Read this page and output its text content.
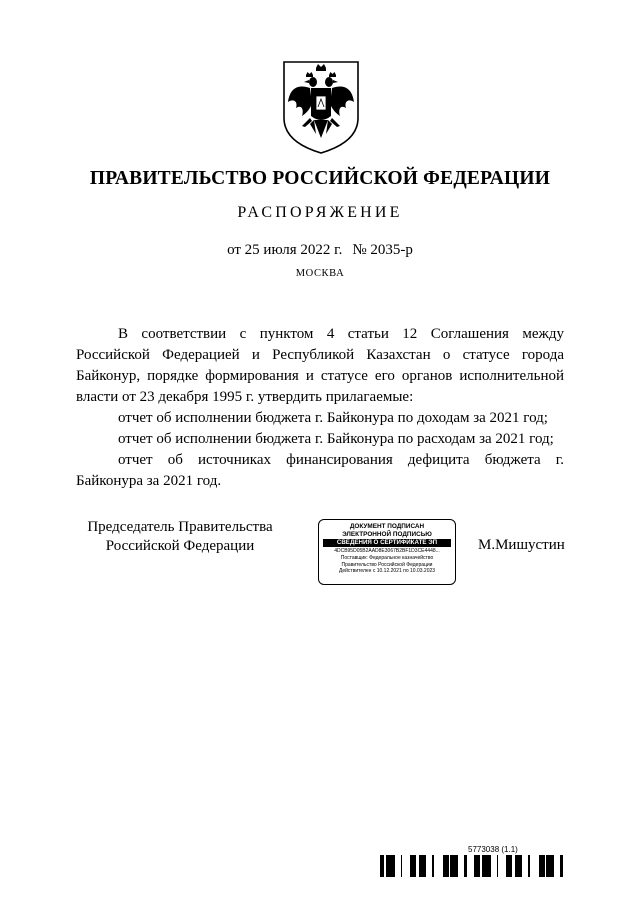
ПРАВИТЕЛЬСТВО РОССИЙСКОЙ ФЕДЕРАЦИИ
РАСПОРЯЖЕНИЕ
от 25 июля 2022 г. № 2035-р
МОСКВА
В соответствии с пунктом 4 статьи 12 Соглашения между Российской Федерацией и Республикой Казахстан о статусе города Байконур, порядке формирования и статусе его органов исполнительной власти от 23 декабря 1995 г. утвердить прилагаемые:
отчет об исполнении бюджета г. Байконура по доходам за 2021 год;
отчет об исполнении бюджета г. Байконура по расходам за 2021 год;
отчет об источниках финансирования дефицита бюджета г. Байконура за 2021 год.
Председатель Правительства
Российской Федерации
ДОКУМЕНТ ПОДПИСАН
ЭЛЕКТРОННОЙ ПОДПИСЬЮ
СВЕДЕНИЯ О СЕРТИФИКАТЕ ЭП
4DCB95D05B2AAD8E3067B2BF1D3CE4448...
Поставщик: Федеральное казначейство
Правительство Российской Федерации
Действителен с 10.12.2021 по 10.03.2023
М.Мишустин
5773038 (1.1)
